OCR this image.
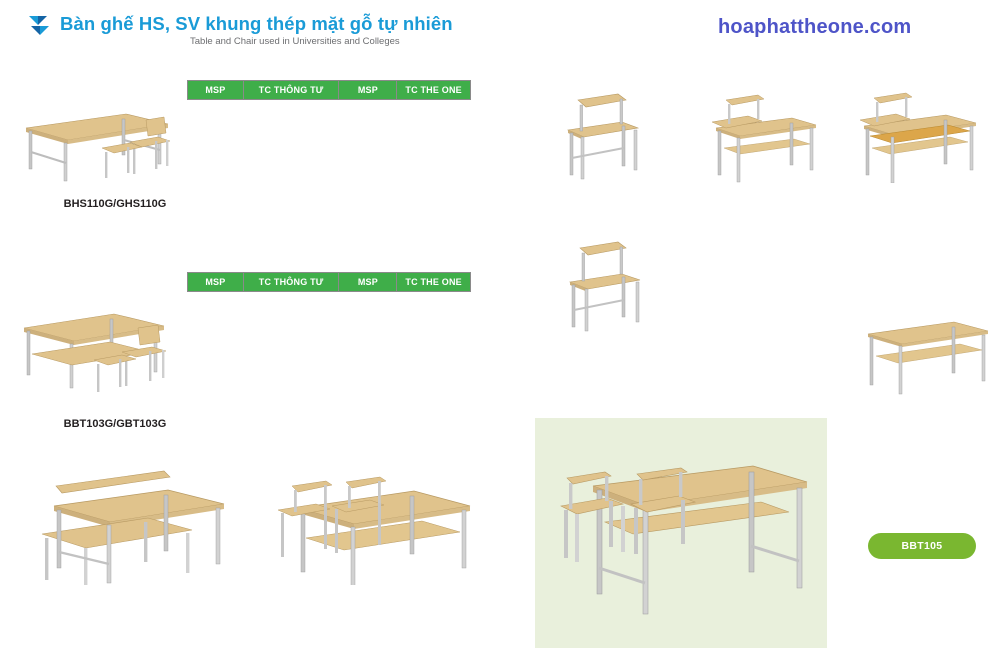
Bàn ghế HS, SV khung thép mặt gỗ tự nhiên
Table and Chair used in Universities and Colleges
hoaphattheone.com
BHS110G/GHS110G
MSP	TC THÔNG TƯ	MSP	TC THE ONE
BBT103G/GBT103G
MSP	TC THÔNG TƯ	MSP	TC THE ONE
BBT105
